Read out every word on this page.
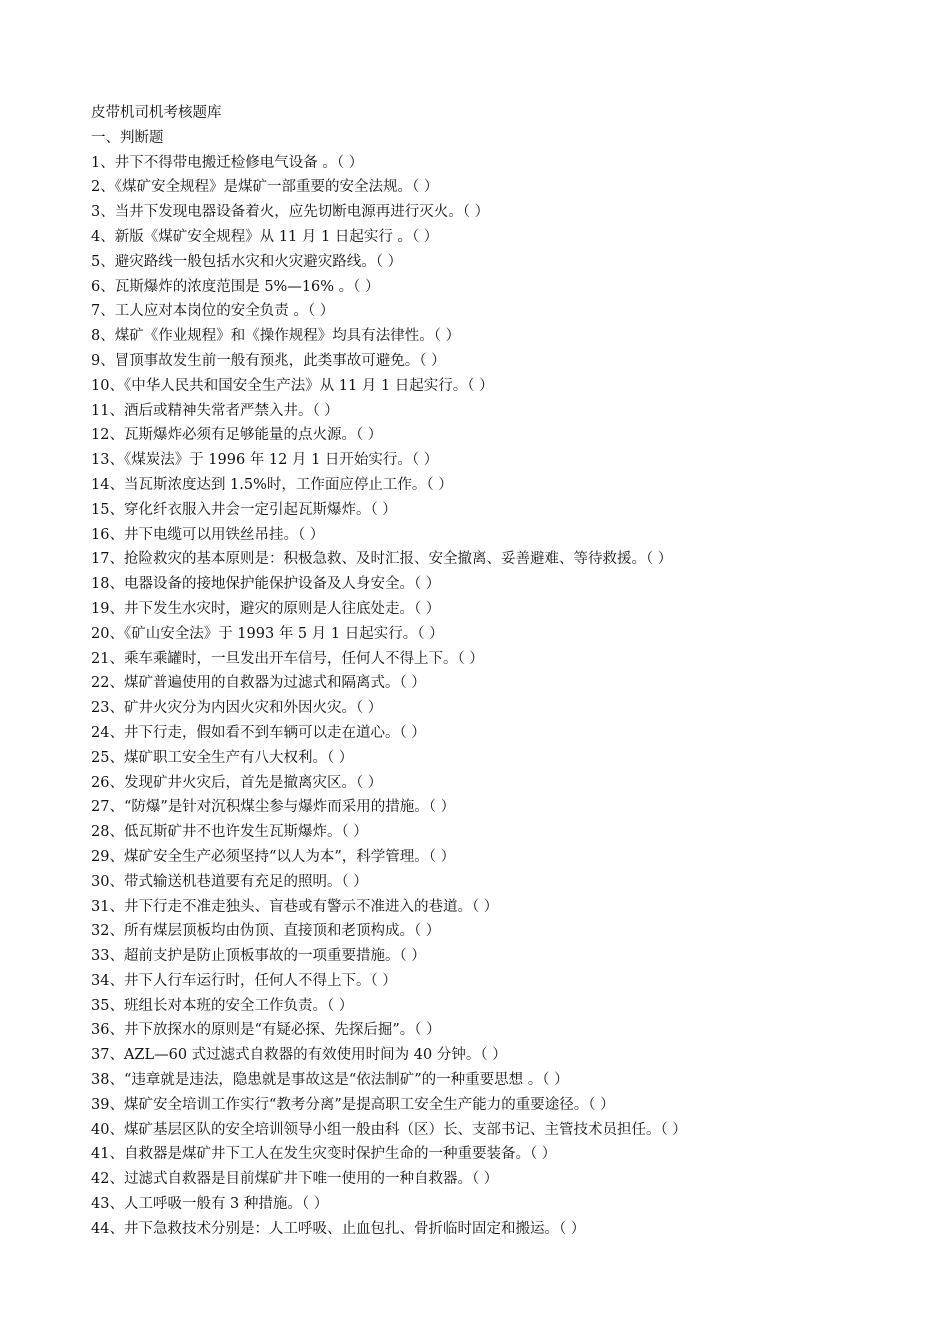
皮带机司机考核题库
一、判断题
1、井下不得带电搬迁检修电气设备 。（ ）
2、《煤矿安全规程》是煤矿一部重要的安全法规。（ ）
3、当井下发现电器设备着火，应先切断电源再进行灭火。（ ）
4、新版《煤矿安全规程》从 11 月 1 日起实行 。（ ）
5、避灾路线一般包括水灾和火灾避灾路线。（ ）
6、瓦斯爆炸的浓度范围是 5%—16% 。（ ）
7、工人应对本岗位的安全负责 。（ ）
8、煤矿《作业规程》和《操作规程》均具有法律性。（ ）
9、冒顶事故发生前一般有预兆，此类事故可避免。（ ）
10、《中华人民共和国安全生产法》从 11 月 1 日起实行。（ ）
11、酒后或精神失常者严禁入井。（ ）
12、瓦斯爆炸必须有足够能量的点火源。（ ）
13、《煤炭法》于 1996 年 12 月 1 日开始实行。（ ）
14、当瓦斯浓度达到 1.5%时，工作面应停止工作。（ ）
15、穿化纤衣服入井会一定引起瓦斯爆炸。（ ）
16、井下电缆可以用铁丝吊挂。（ ）
17、抢险救灾的基本原则是：积极急救、及时汇报、安全撤离、妥善避难、等待救援。（ ）
18、电器设备的接地保护能保护设备及人身安全。（ ）
19、井下发生水灾时，避灾的原则是人往底处走。（ ）
20、《矿山安全法》于 1993 年 5 月 1 日起实行。（ ）
21、乘车乘罐时，一旦发出开车信号，任何人不得上下。（ ）
22、煤矿普遍使用的自救器为过滤式和隔离式。（ ）
23、矿井火灾分为内因火灾和外因火灾。（ ）
24、井下行走，假如看不到车辆可以走在道心。（ ）
25、煤矿职工安全生产有八大权利。（ ）
26、发现矿井火灾后，首先是撤离灾区。（ ）
27、“防爆”是针对沉积煤尘参与爆炸而采用的措施。（ ）
28、低瓦斯矿井不也许发生瓦斯爆炸。（ ）
29、煤矿安全生产必须坚持“以人为本”，科学管理。（ ）
30、带式输送机巷道要有充足的照明。（ ）
31、井下行走不准走独头、盲巷或有警示不准进入的巷道。（ ）
32、所有煤层顶板均由伪顶、直接顶和老顶构成。（ ）
33、超前支护是防止顶板事故的一项重要措施。（ ）
34、井下人行车运行时，任何人不得上下。（ ）
35、班组长对本班的安全工作负责。（ ）
36、井下放探水的原则是“有疑必探、先探后掘”。（ ）
37、AZL—60 式过滤式自救器的有效使用时间为 40 分钟。（ ）
38、“违章就是违法，隐患就是事故这是“依法制矿”的一种重要思想 。（ ）
39、煤矿安全培训工作实行“教考分离”是提高职工安全生产能力的重要途径。（ ）
40、煤矿基层区队的安全培训领导小组一般由科（区）长、支部书记、主管技术员担任。（ ）
41、自救器是煤矿井下工人在发生灾变时保护生命的一种重要装备。（ ）
42、过滤式自救器是目前煤矿井下唯一使用的一种自救器。（ ）
43、人工呼吸一般有 3 种措施。（ ）
44、井下急救技术分别是：人工呼吸、止血包扎、骨折临时固定和搬运。（ ）
